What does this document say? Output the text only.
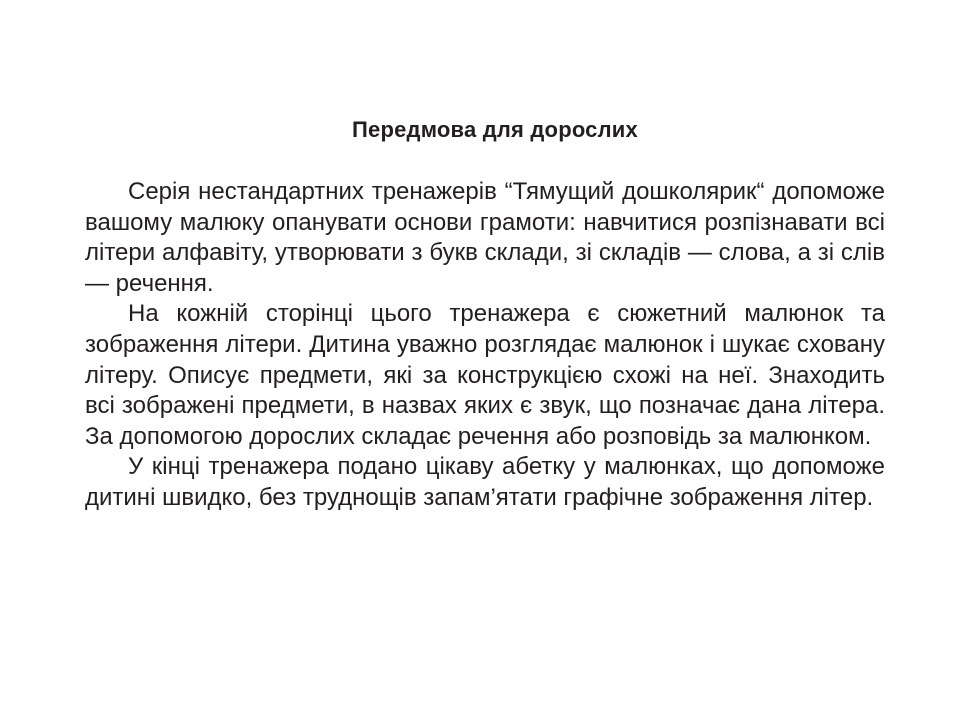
Передмова для дорослих

Серія нестандартних тренажерів “Тямущий дошколярик“ допоможе вашому малюку опанувати основи грамоти: навчитися розпізнавати всі літери алфавіту, утворювати з букв склади, зі складів — слова, а зі слів — речення.

На кожній сторінці цього тренажера є сюжетний малюнок та зображення літери. Дитина уважно розглядає малюнок і шукає сховану літеру. Описує предмети, які за конструкцією схожі на неї. Знаходить всі зображені предмети, в назвах яких є звук, що позначає дана літера. За допомогою дорослих складає речення або розповідь за малюнком.

У кінці тренажера подано цікаву абетку у малюнках, що допоможе дитині швидко, без труднощів запам’ятати графічне зображення літер.
